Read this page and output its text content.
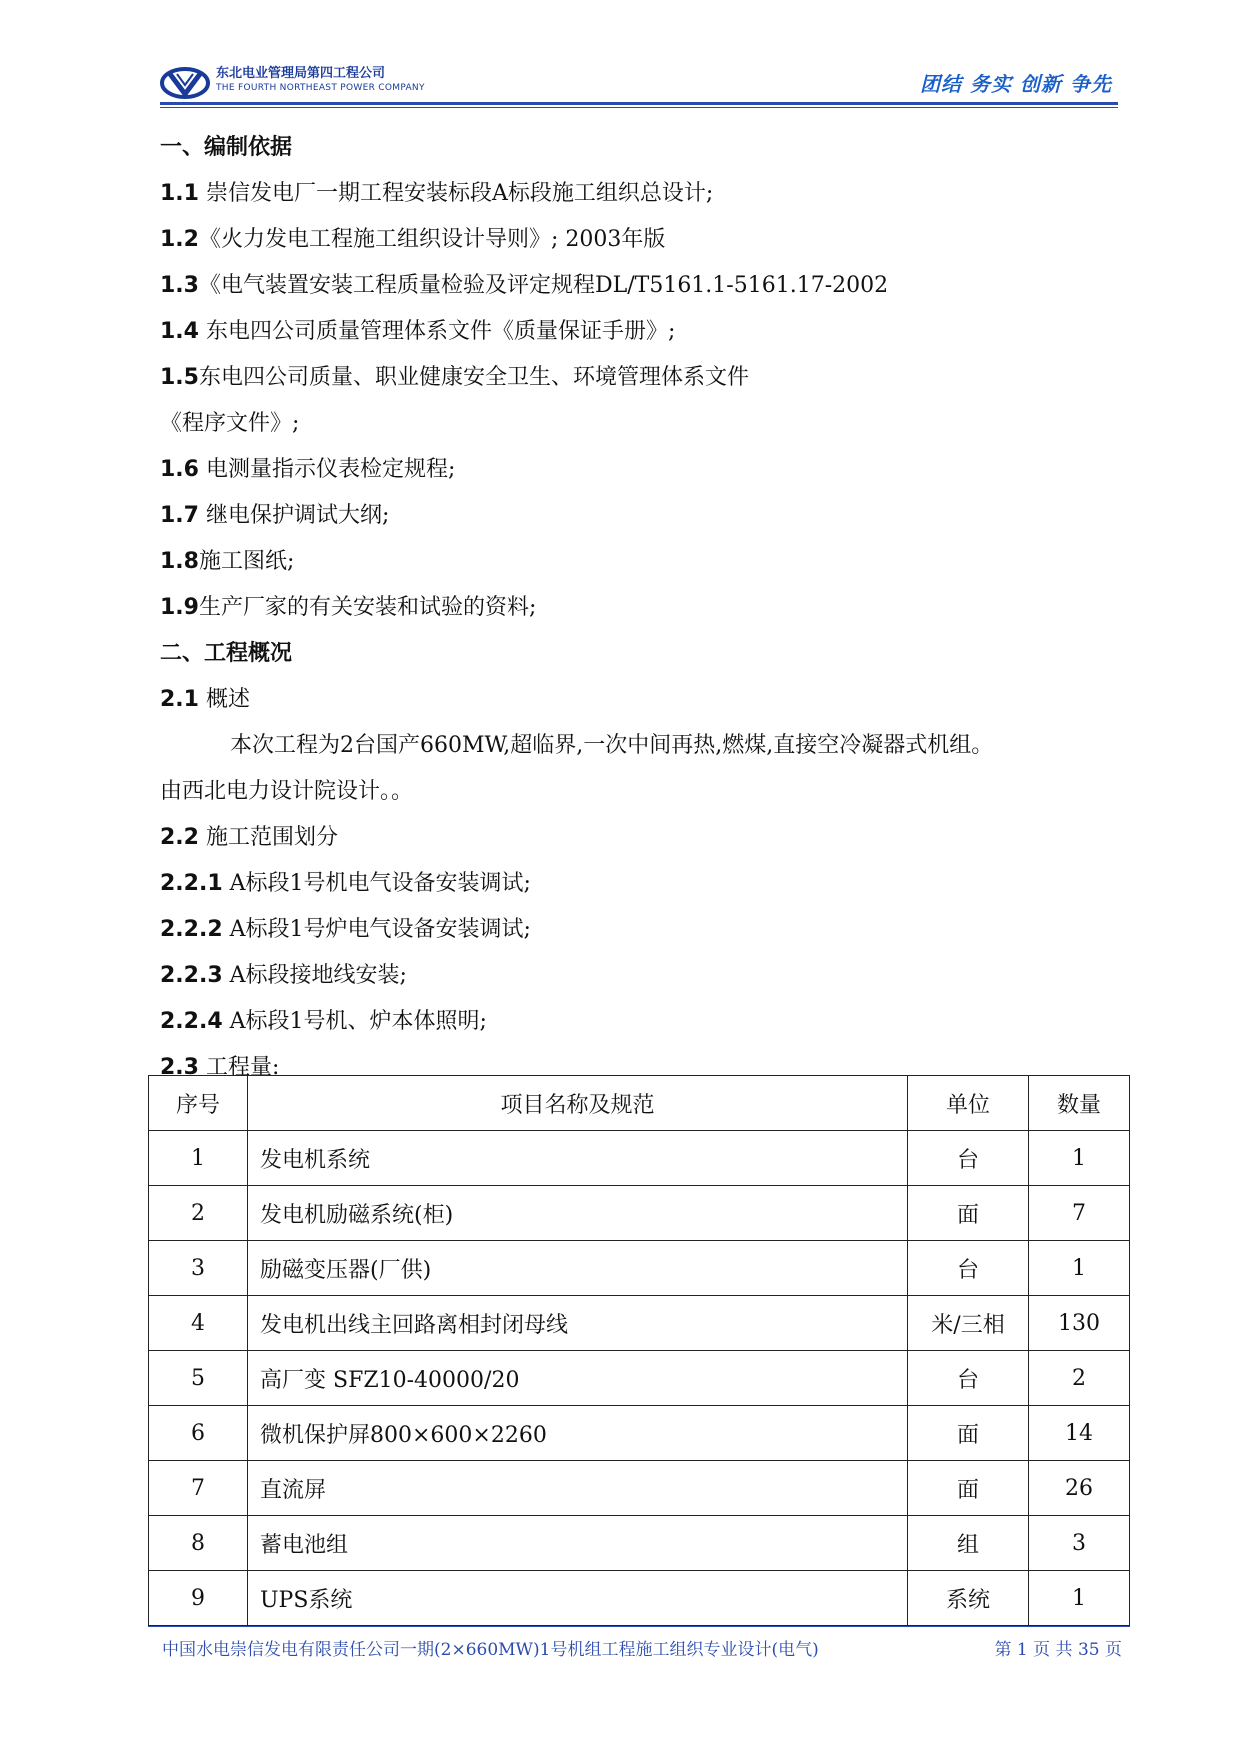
东北电业管理局第四工程公司
THE FOURTH NORTHEAST POWER COMPANY	团结 务实 创新 争先
一、编制依据
1.1 崇信发电厂一期工程安装标段A标段施工组织总设计;
1.2《火力发电工程施工组织设计导则》; 2003年版
1.3《电气装置安装工程质量检验及评定规程DL/T5161.1-5161.17-2002
1.4 东电四公司质量管理体系文件《质量保证手册》;
1.5东电四公司质量、职业健康安全卫生、环境管理体系文件
《程序文件》;
1.6 电测量指示仪表检定规程;
1.7 继电保护调试大纲;
1.8施工图纸;
1.9生产厂家的有关安装和试验的资料;
二、工程概况
2.1 概述
本次工程为2台国产660MW,超临界,一次中间再热,燃煤,直接空冷凝器式机组。
由西北电力设计院设计。。
2.2 施工范围划分
2.2.1 A标段1号机电气设备安装调试;
2.2.2 A标段1号炉电气设备安装调试;
2.2.3 A标段接地线安装;
2.2.4 A标段1号机、炉本体照明;
2.3 工程量:
序号	项目名称及规范	单位	数量
1	发电机系统	台	1
2	发电机励磁系统(柜)	面	7
3	励磁变压器(厂供)	台	1
4	发电机出线主回路离相封闭母线	米/三相	130
5	高厂变 SFZ10-40000/20	台	2
6	微机保护屏800×600×2260	面	14
7	直流屏	面	26
8	蓄电池组	组	3
9	UPS系统	系统	1
中国水电崇信发电有限责任公司一期(2×660MW)1号机组工程施工组织专业设计(电气)	第 1 页 共 35 页
